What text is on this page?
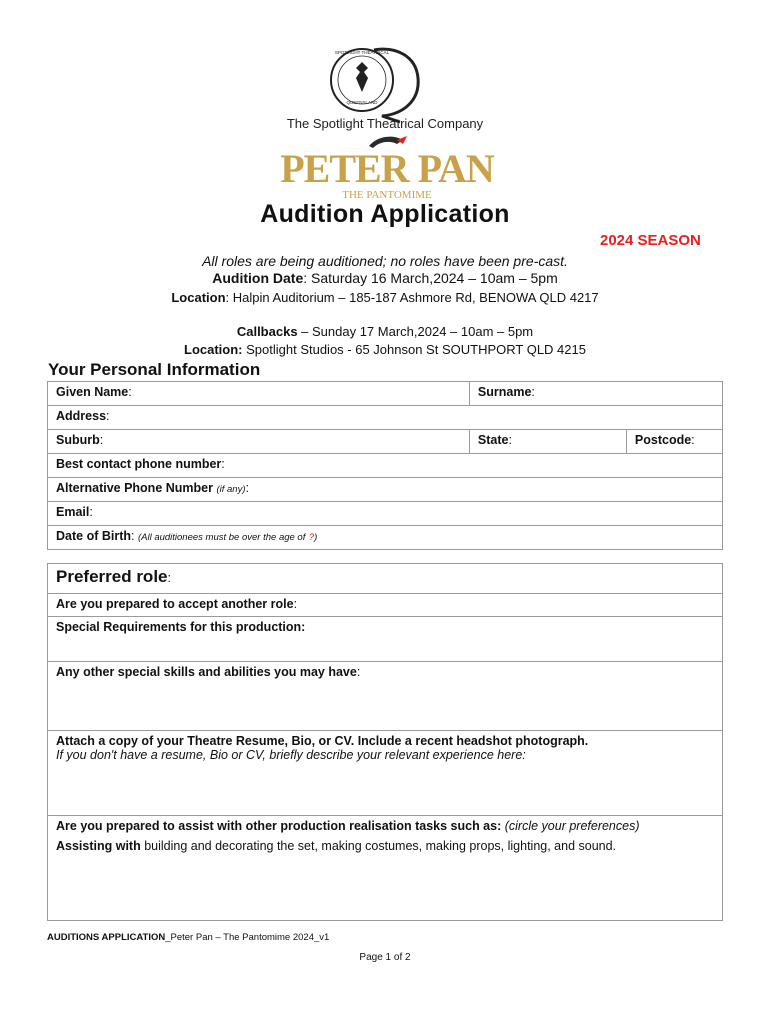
QUEENSLAND
SPOTLIGHT THEATRICAL
The Spotlight Theatrical Company
PETER PAN
THE PANTOMIME
Audition Application
2024 SEASON
All roles are being auditioned; no roles have been pre-cast.
Audition Date: Saturday 16 March,2024 – 10am – 5pm
Location: Halpin Auditorium – 185-187 Ashmore Rd, BENOWA QLD 4217
Callbacks – Sunday 17 March,2024 – 10am – 5pm
Location: Spotlight Studios - 65 Johnson St SOUTHPORT QLD 4215
Your Personal Information
Given Name:	Surname:	
Address:		
Suburb:	State:	Postcode:
Best contact phone number:		
Alternative Phone Number (if any):		
Email:		
Date of Birth: (All auditionees must be over the age of ?)		
Preferred role:
Are you prepared to accept another role:
Special Requirements for this production:
Any other special skills and abilities you may have:

Attach a copy of your Theatre Resume, Bio, or CV. Include a recent headshot photograph.
If you don't have a resume, Bio or CV, briefly describe your relevant experience here:

Are you prepared to assist with other production realisation tasks such as: (circle your preferences)
Assisting with building and decorating the set, making costumes, making props, lighting, and sound.
AUDITIONS APPLICATION_Peter Pan – The Pantomime 2024_v1
Page 1 of 2
